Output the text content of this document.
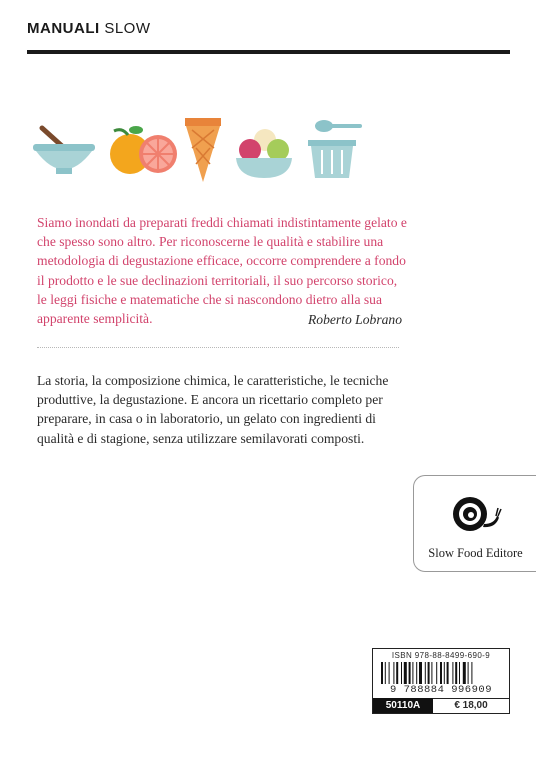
MANUALI SLOW

Siamo inondati da preparati freddi chiamati indistintamente gelato e che spesso sono altro. Per riconoscerne le qualità e stabilire una metodologia di degustazione efficace, occorre comprendere a fondo il prodotto e le sue declinazioni territoriali, il suo percorso storico, le leggi fisiche e matematiche che si nascondono dietro alla sua apparente semplicità.	Roberto Lobrano

La storia, la composizione chimica, le caratteristiche, le tecniche produttive, la degustazione. E ancora un ricettario completo per preparare, in casa o in laboratorio, un gelato con ingredienti di qualità e di stagione, senza utilizzare semilavorati composti.

Slow Food Editore
ISBN 978-88-8499-690-9
9 788884 996909
50110A	€ 18,00
